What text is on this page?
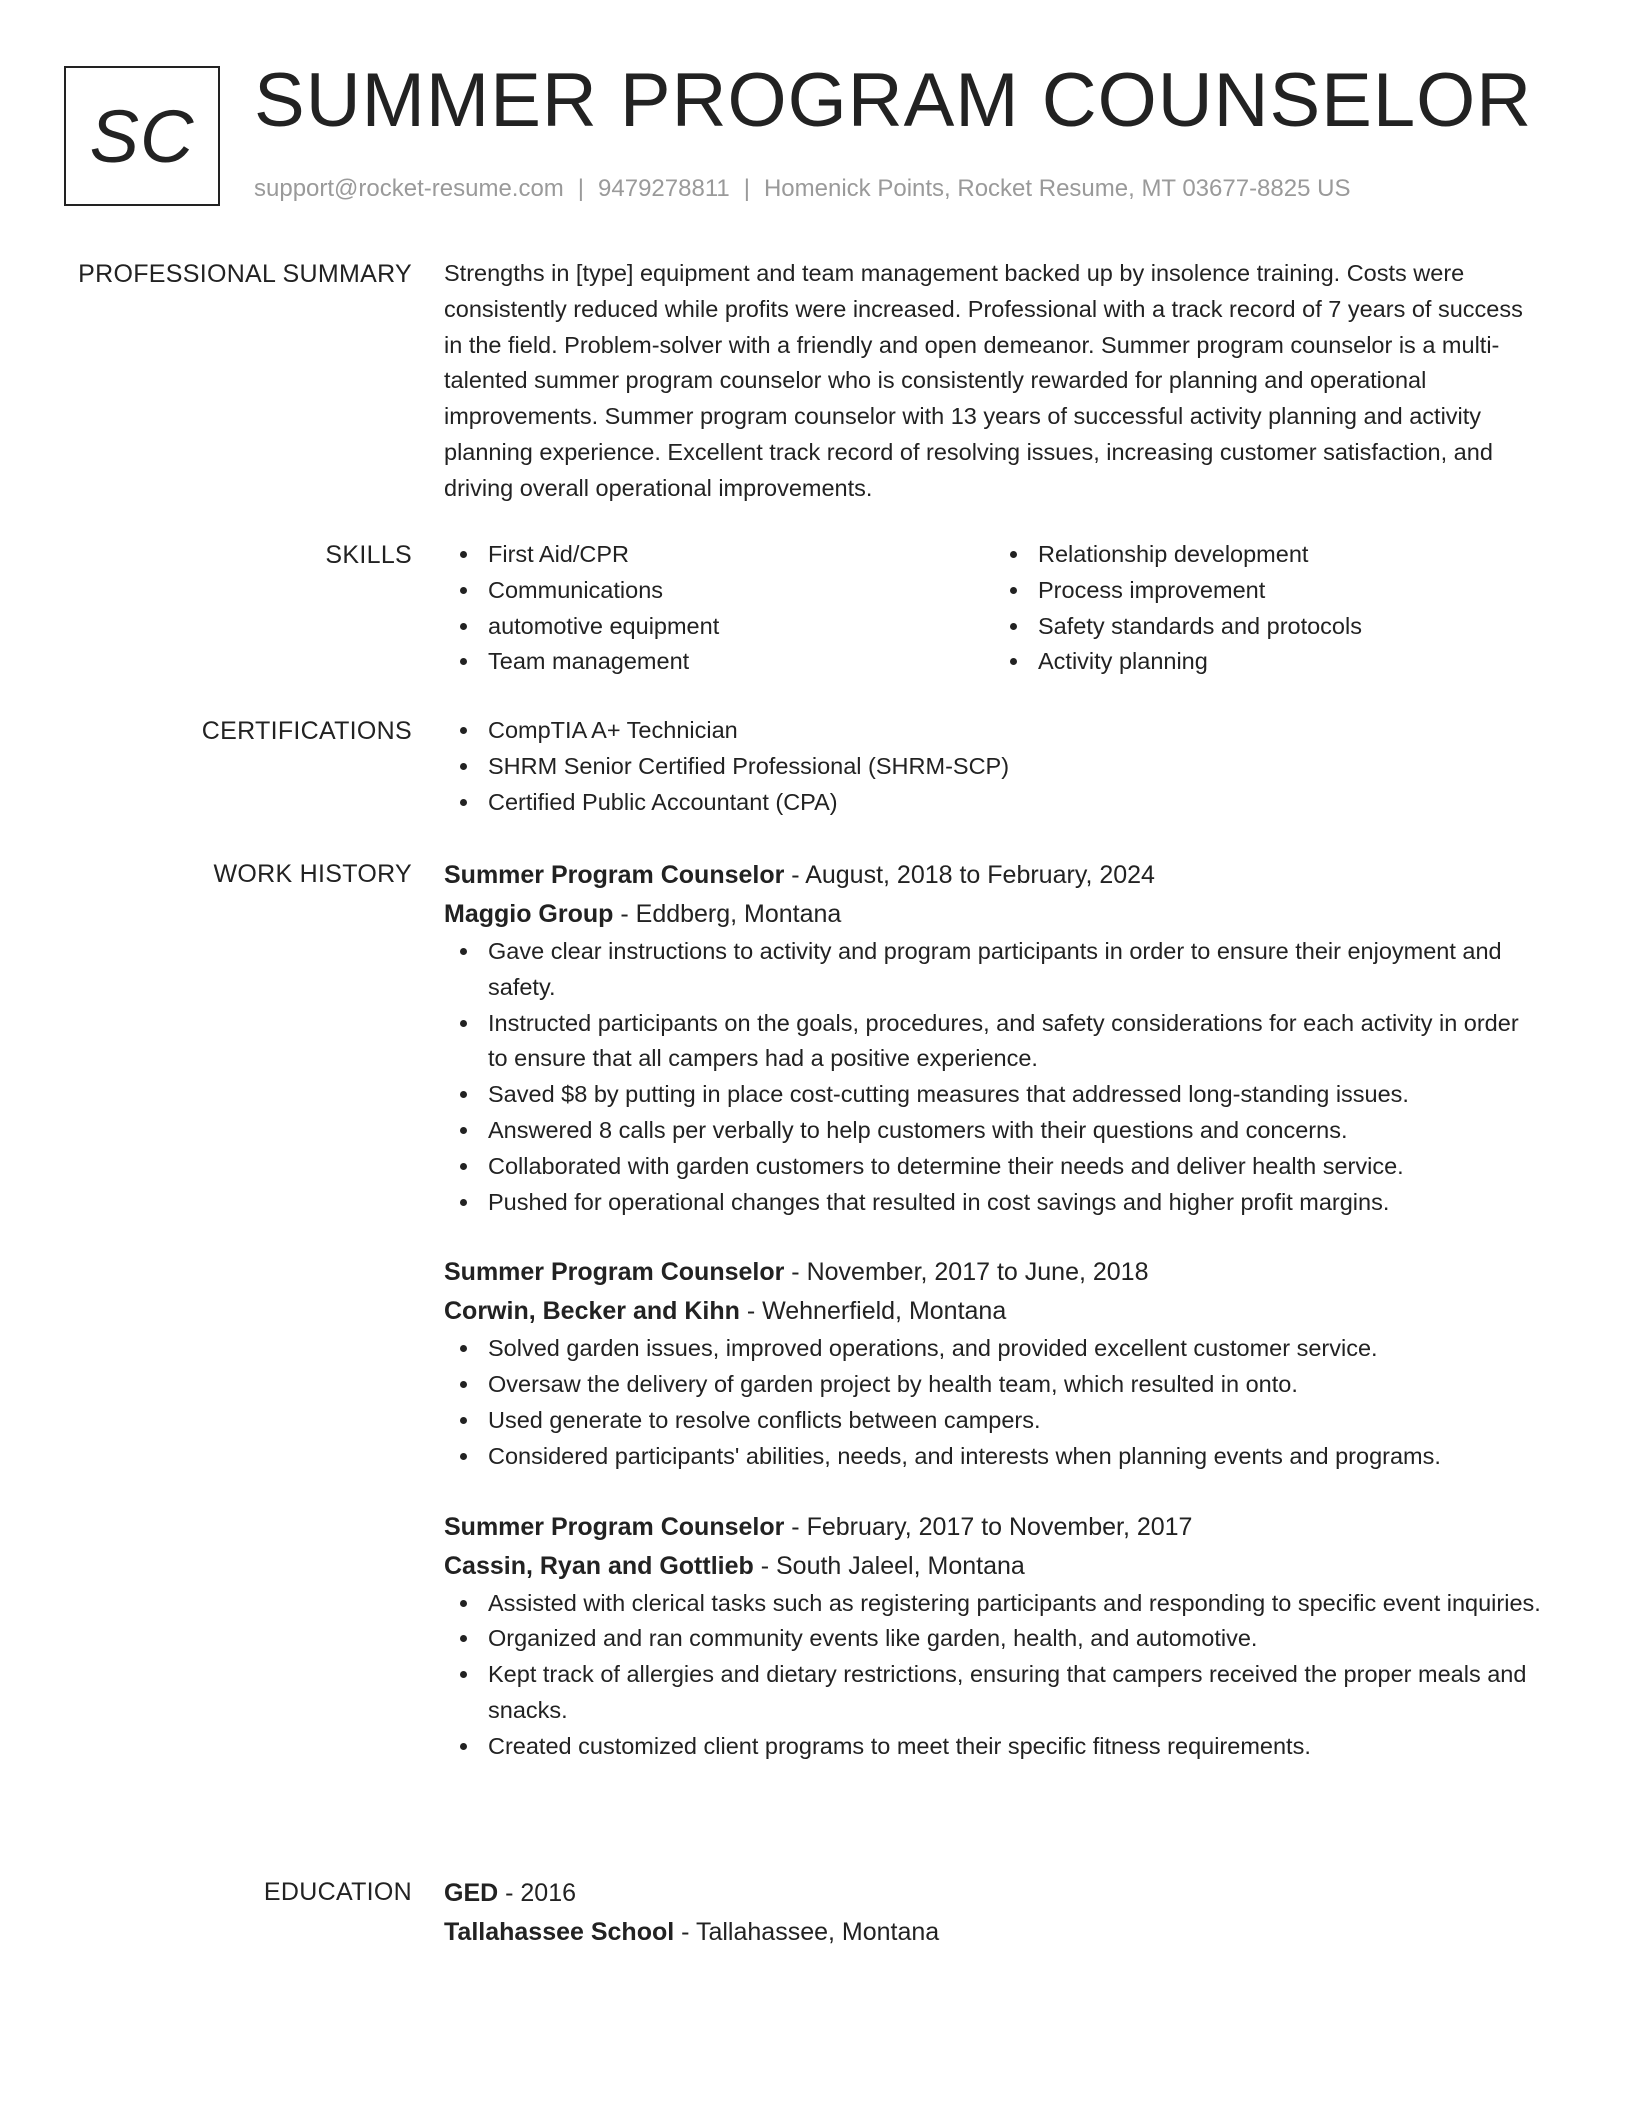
SC SUMMER PROGRAM COUNSELOR
support@rocket-resume.com | 9479278811 | Homenick Points, Rocket Resume, MT 03677-8825 US
PROFESSIONAL SUMMARY Strengths in [type] equipment and team management backed up by insolence training. Costs were consistently reduced while profits were increased. Professional with a track record of 7 years of success in the field. Problem-solver with a friendly and open demeanor. Summer program counselor is a multi-talented summer program counselor who is consistently rewarded for planning and operational improvements. Summer program counselor with 13 years of successful activity planning and activity planning experience. Excellent track record of resolving issues, increasing customer satisfaction, and driving overall operational improvements.

SKILLS	First Aid/CPR
Communications
automotive equipment
Team management
Relationship development
Process improvement
Safety standards and protocols
Activity planning
CERTIFICATIONS	CompTIA A+ Technician
SHRM Senior Certified Professional (SHRM-SCP)
Certified Public Accountant (CPA)
WORK HISTORY Summer Program Counselor - August, 2018 to February, 2024
Maggio Group - Eddberg, Montana
Gave clear instructions to activity and program participants in order to ensure their enjoyment and safety.
Instructed participants on the goals, procedures, and safety considerations for each activity in order to ensure that all campers had a positive experience.
Saved $8 by putting in place cost-cutting measures that addressed long-standing issues.
Answered 8 calls per verbally to help customers with their questions and concerns.
Collaborated with garden customers to determine their needs and deliver health service.
Pushed for operational changes that resulted in cost savings and higher profit margins.
Summer Program Counselor - November, 2017 to June, 2018
Corwin, Becker and Kihn - Wehnerfield, Montana
Solved garden issues, improved operations, and provided excellent customer service.
Oversaw the delivery of garden project by health team, which resulted in onto.
Used generate to resolve conflicts between campers.
Considered participants' abilities, needs, and interests when planning events and programs.
Summer Program Counselor - February, 2017 to November, 2017
Cassin, Ryan and Gottlieb - South Jaleel, Montana
Assisted with clerical tasks such as registering participants and responding to specific event inquiries.
Organized and ran community events like garden, health, and automotive.
Kept track of allergies and dietary restrictions, ensuring that campers received the proper meals and snacks.
Created customized client programs to meet their specific fitness requirements.
EDUCATION GED - 2016
Tallahassee School - Tallahassee, Montana
